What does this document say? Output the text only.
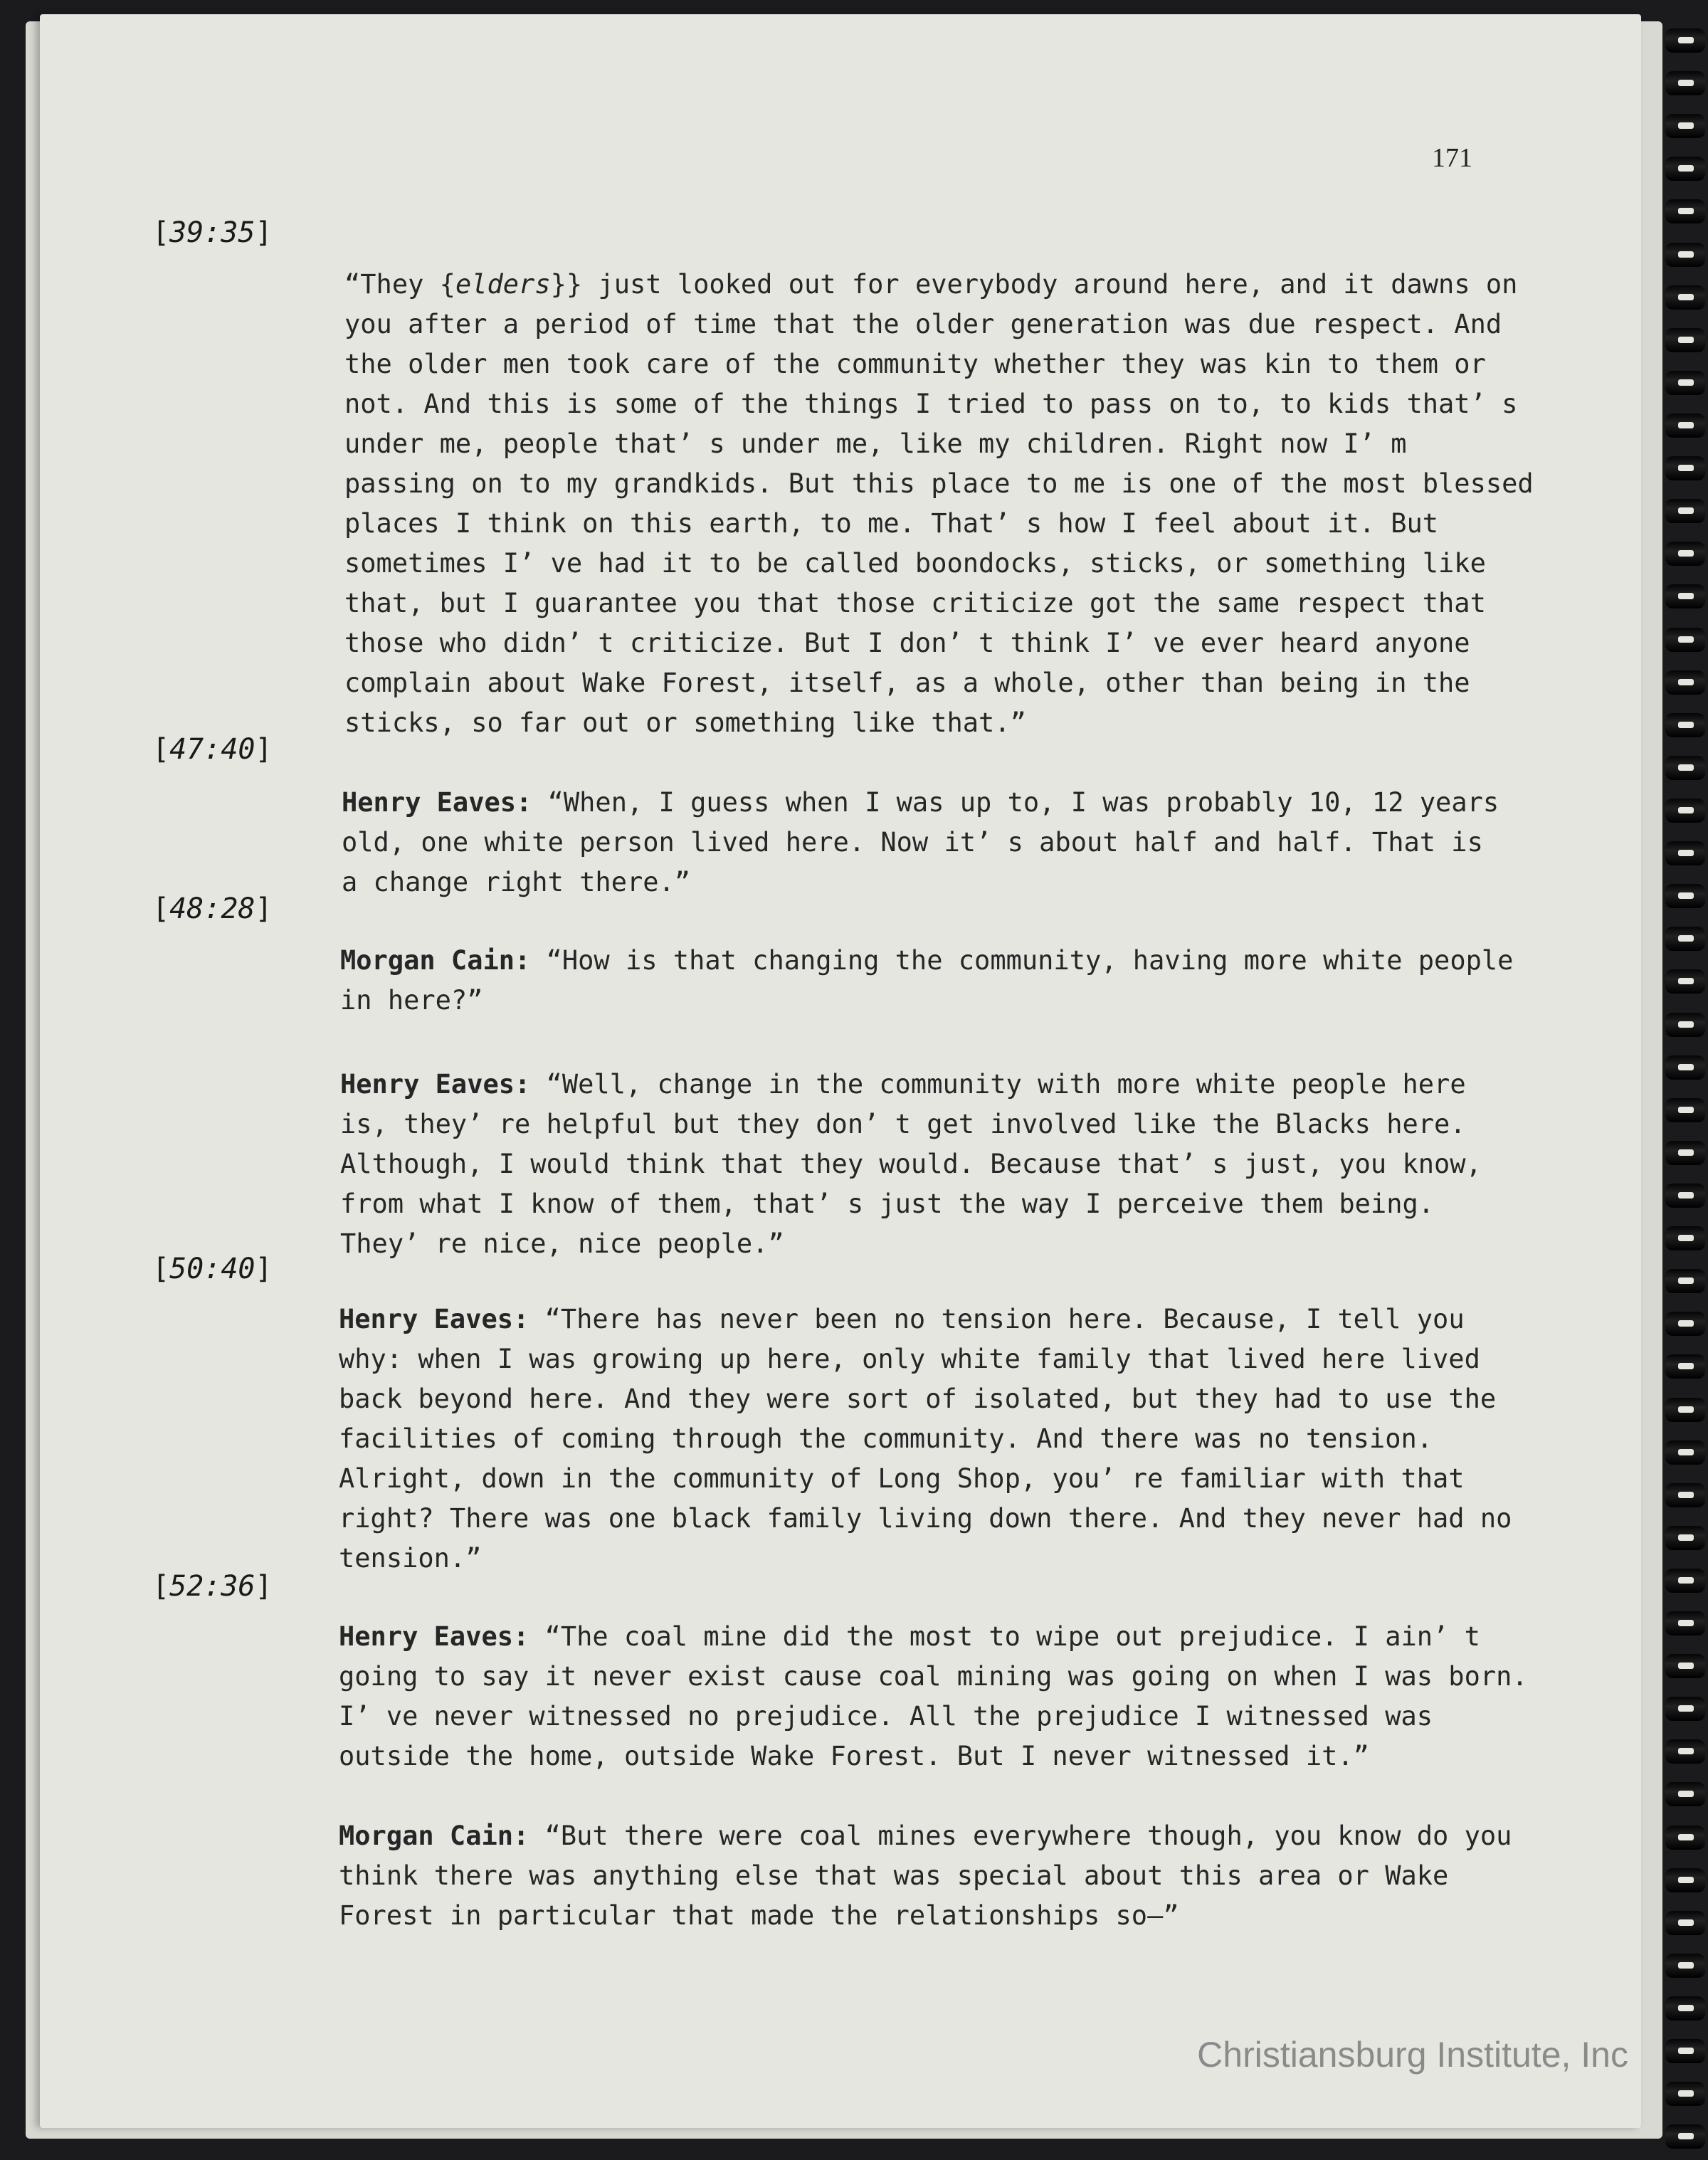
171
[39:35]
[47:40]
[48:28]
[50:40]
[52:36]
“They {elders}} just looked out for everybody around here, and it dawns on
you after a period of time that the older generation was due respect. And
the older men took care of the community whether they was kin to them or
not. And this is some of the things I tried to pass on to, to kids that’ s
under me, people that’ s under me, like my children. Right now I’ m
passing on to my grandkids. But this place to me is one of the most blessed
places I think on this earth, to me. That’ s how I feel about it. But
sometimes I’ ve had it to be called boondocks, sticks, or something like
that, but I guarantee you that those criticize got the same respect that
those who didn’ t criticize. But I don’ t think I’ ve ever heard anyone
complain about Wake Forest, itself, as a whole, other than being in the
sticks, so far out or something like that.”
Henry Eaves: “When, I guess when I was up to, I was probably 10, 12 years
old, one white person lived here. Now it’ s about half and half. That is
a change right there.”
Morgan Cain: “How is that changing the community, having more white people
in here?”
Henry Eaves: “Well, change in the community with more white people here
is, they’ re helpful but they don’ t get involved like the Blacks here.
Although, I would think that they would. Because that’ s just, you know,
from what I know of them, that’ s just the way I perceive them being.
They’ re nice, nice people.”
Henry Eaves: “There has never been no tension here. Because, I tell you
why: when I was growing up here, only white family that lived here lived
back beyond here. And they were sort of isolated, but they had to use the
facilities of coming through the community. And there was no tension.
Alright, down in the community of Long Shop, you’ re familiar with that
right? There was one black family living down there. And they never had no
tension.”
Henry Eaves: “The coal mine did the most to wipe out prejudice. I ain’ t
going to say it never exist cause coal mining was going on when I was born.
I’ ve never witnessed no prejudice. All the prejudice I witnessed was
outside the home, outside Wake Forest. But I never witnessed it.”
Morgan Cain: “But there were coal mines everywhere though, you know do you
think there was anything else that was special about this area or Wake
Forest in particular that made the relationships so—”
Christiansburg Institute, Inc
